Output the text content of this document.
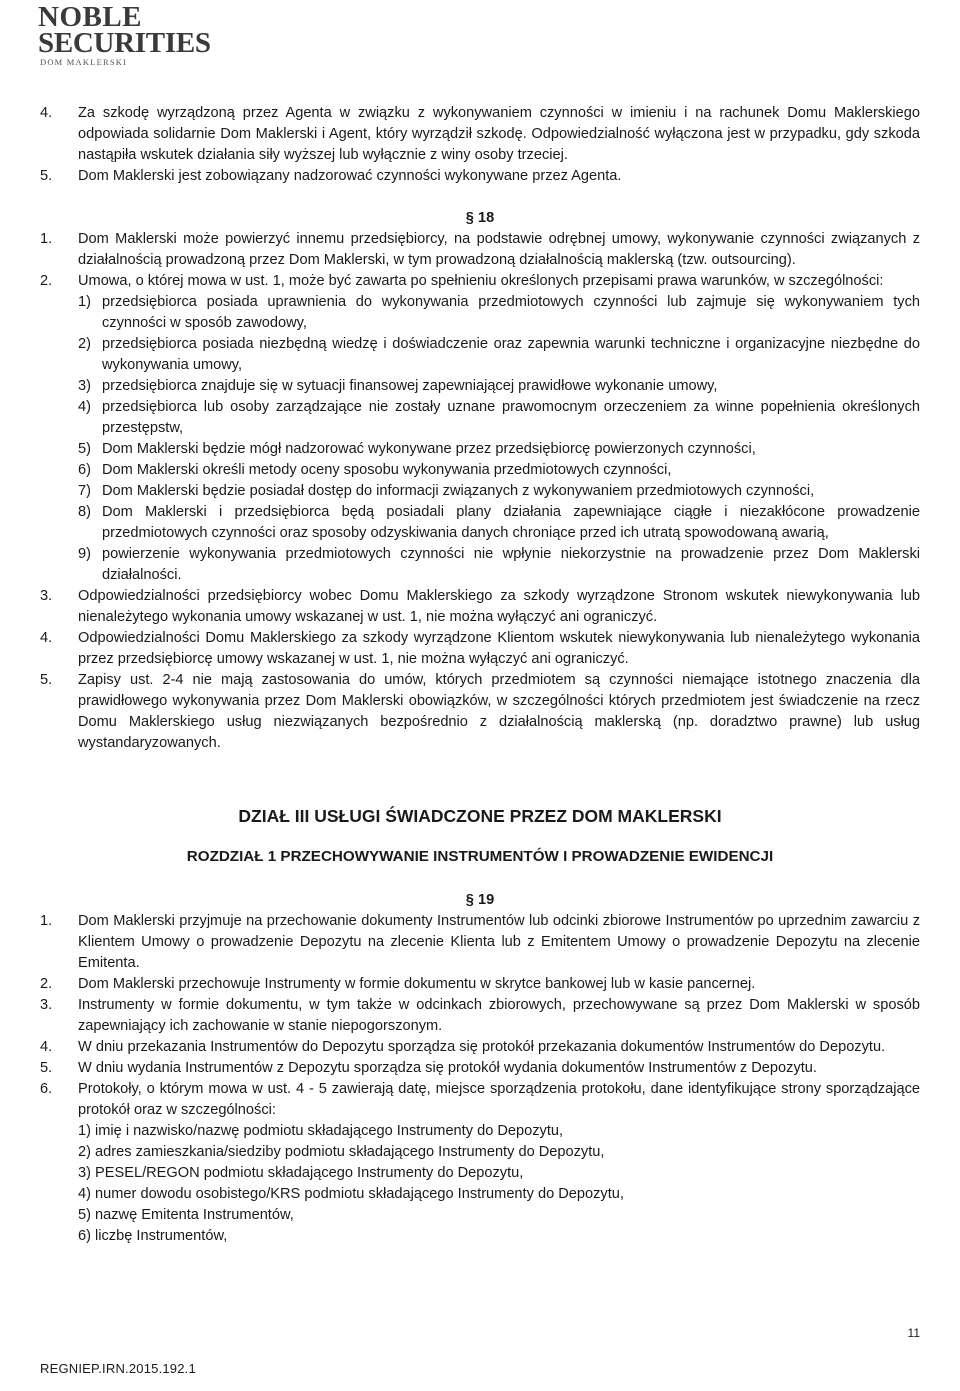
NOBLE
SECURITIES
DOM MAKLERSKI
4. Za szkodę wyrządzoną przez Agenta w związku z wykonywaniem czynności w imieniu i na rachunek Domu Maklerskiego odpowiada solidarnie Dom Maklerski i Agent, który wyrządził szkodę. Odpowiedzialność wyłączona jest w przypadku, gdy szkoda nastąpiła wskutek działania siły wyższej lub wyłącznie z winy osoby trzeciej.
5. Dom Maklerski jest zobowiązany nadzorować czynności wykonywane przez Agenta.
§ 18
1. Dom Maklerski może powierzyć innemu przedsiębiorcy, na podstawie odrębnej umowy, wykonywanie czynności związanych z działalnością prowadzoną przez Dom Maklerski, w tym prowadzoną działalnością maklerską (tzw. outsourcing).
2. Umowa, o której mowa w ust. 1, może być zawarta po spełnieniu określonych przepisami prawa warunków, w szczególności:
1) przedsiębiorca posiada uprawnienia do wykonywania przedmiotowych czynności lub zajmuje się wykonywaniem tych czynności w sposób zawodowy,
2) przedsiębiorca posiada niezbędną wiedzę i doświadczenie oraz zapewnia warunki techniczne i organizacyjne niezbędne do wykonywania umowy,
3) przedsiębiorca znajduje się w sytuacji finansowej zapewniającej prawidłowe wykonanie umowy,
4) przedsiębiorca lub osoby zarządzające nie zostały uznane prawomocnym orzeczeniem za winne popełnienia określonych przestępstw,
5) Dom Maklerski będzie mógł nadzorować wykonywane przez przedsiębiorcę powierzonych czynności,
6) Dom Maklerski określi metody oceny sposobu wykonywania przedmiotowych czynności,
7) Dom Maklerski będzie posiadał dostęp do informacji związanych z wykonywaniem przedmiotowych czynności,
8) Dom Maklerski i przedsiębiorca będą posiadali plany działania zapewniające ciągłe i niezakłócone prowadzenie przedmiotowych czynności oraz sposoby odzyskiwania danych chroniące przed ich utratą spowodowaną awarią,
9) powierzenie wykonywania przedmiotowych czynności nie wpłynie niekorzystnie na prowadzenie przez Dom Maklerski działalności.
3. Odpowiedzialności przedsiębiorcy wobec Domu Maklerskiego za szkody wyrządzone Stronom wskutek niewykonywania lub nienależytego wykonania umowy wskazanej w ust. 1, nie można wyłączyć ani ograniczyć.
4. Odpowiedzialności Domu Maklerskiego za szkody wyrządzone Klientom wskutek niewykonywania lub nienależytego wykonania przez przedsiębiorcę umowy wskazanej w ust. 1, nie można wyłączyć ani ograniczyć.
5. Zapisy ust. 2-4 nie mają zastosowania do umów, których przedmiotem są czynności niemające istotnego znaczenia dla prawidłowego wykonywania przez Dom Maklerski obowiązków, w szczególności których przedmiotem jest świadczenie na rzecz Domu Maklerskiego usług niezwiązanych bezpośrednio z działalnością maklerską (np. doradztwo prawne) lub usług wystandaryzowanych.
DZIAŁ III USŁUGI ŚWIADCZONE PRZEZ DOM MAKLERSKI
ROZDZIAŁ 1 PRZECHOWYWANIE INSTRUMENTÓW I PROWADZENIE EWIDENCJI
§ 19
1. Dom Maklerski przyjmuje na przechowanie dokumenty Instrumentów lub odcinki zbiorowe Instrumentów po uprzednim zawarciu z Klientem Umowy o prowadzenie Depozytu na zlecenie Klienta lub z Emitentem Umowy o prowadzenie Depozytu na zlecenie Emitenta.
2. Dom Maklerski przechowuje Instrumenty w formie dokumentu w skrytce bankowej lub w kasie pancernej.
3. Instrumenty w formie dokumentu, w tym także w odcinkach zbiorowych, przechowywane są przez Dom Maklerski w sposób zapewniający ich zachowanie w stanie niepogorszonym.
4. W dniu przekazania Instrumentów do Depozytu sporządza się protokół przekazania dokumentów Instrumentów do Depozytu.
5. W dniu wydania Instrumentów z Depozytu sporządza się protokół wydania dokumentów Instrumentów z Depozytu.
6. Protokoły, o którym mowa w ust. 4 - 5 zawierają datę, miejsce sporządzenia protokołu, dane identyfikujące strony sporządzające protokół oraz w szczególności:
1) imię i nazwisko/nazwę podmiotu składającego Instrumenty do Depozytu,
2) adres zamieszkania/siedziby podmiotu składającego Instrumenty do Depozytu,
3) PESEL/REGON podmiotu składającego Instrumenty do Depozytu,
4) numer dowodu osobistego/KRS podmiotu składającego Instrumenty do Depozytu,
5) nazwę Emitenta Instrumentów,
6) liczbę Instrumentów,
11
REGNIEP.IRN.2015.192.1
